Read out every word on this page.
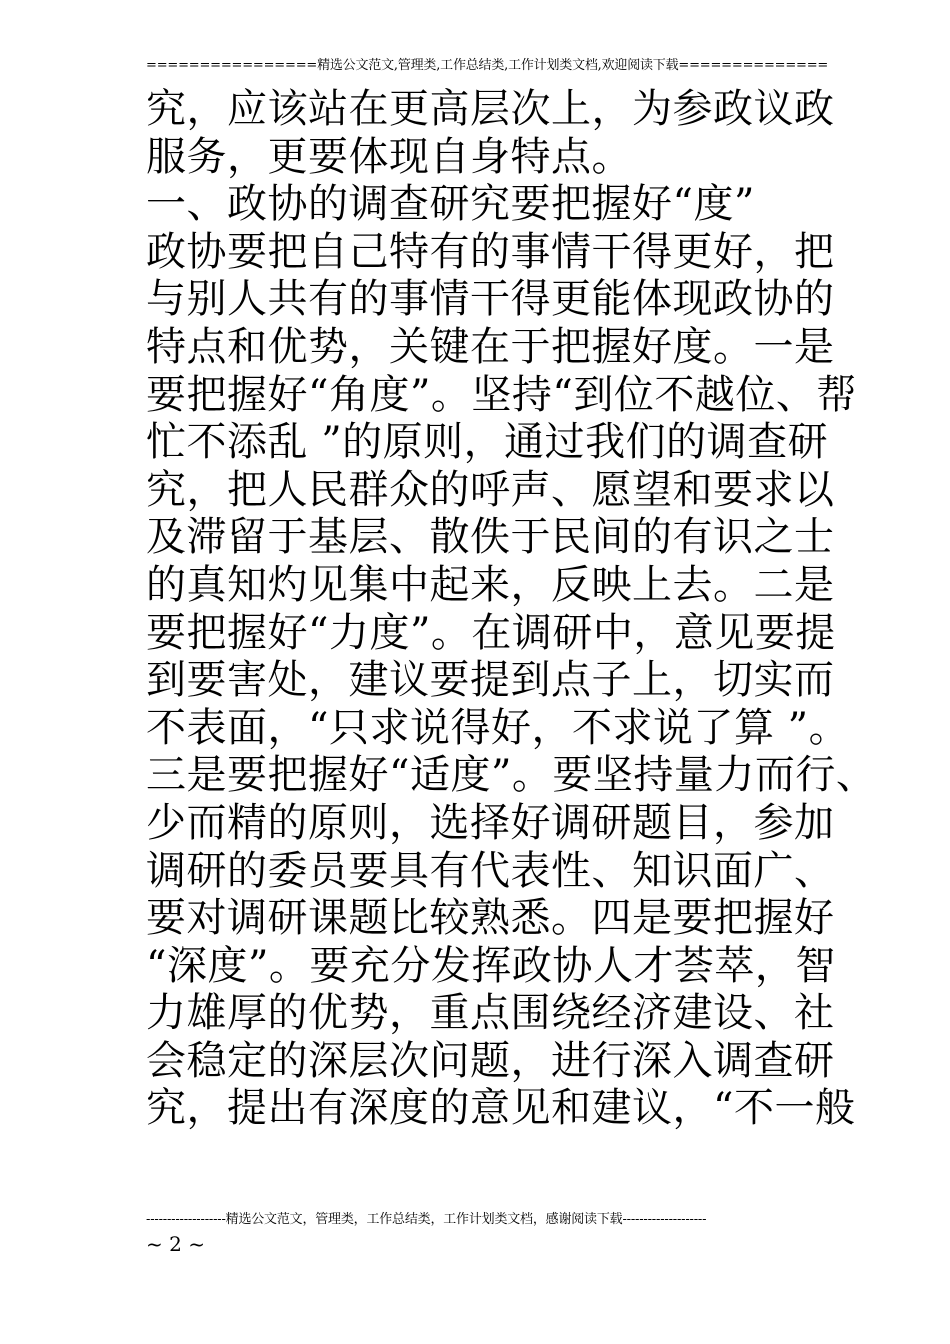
================精选公文范文,管理类,工作总结类,工作计划类文档,欢迎阅读下载==============
究，应该站在更高层次上，为参政议政
服务，更要体现自身特点。
一、政协的调查研究要把握好“度”
政协要把自己特有的事情干得更好，把
与别人共有的事情干得更能体现政协的
特点和优势，关键在于把握好度。一是
要把握好“角度”。坚持“到位不越位、帮
忙不添乱 ”的原则，通过我们的调查研
究，把人民群众的呼声、愿望和要求以
及滞留于基层、散佚于民间的有识之士
的真知灼见集中起来，反映上去。二是
要把握好“力度”。在调研中，意见要提
到要害处，建议要提到点子上，切实而
不表面，“只求说得好，不求说了算 ”。
三是要把握好“适度”。要坚持量力而行、
少而精的原则，选择好调研题目，参加
调研的委员要具有代表性、知识面广、
要对调研课题比较熟悉。四是要把握好
“深度”。要充分发挥政协人才荟萃，智
力雄厚的优势，重点围绕经济建设、社
会稳定的深层次问题，进行深入调查研
究，提出有深度的意见和建议，“不一般
-------------------精选公文范文，管理类，工作总结类，工作计划类文档，感谢阅读下载--------------------
~ 2 ~
